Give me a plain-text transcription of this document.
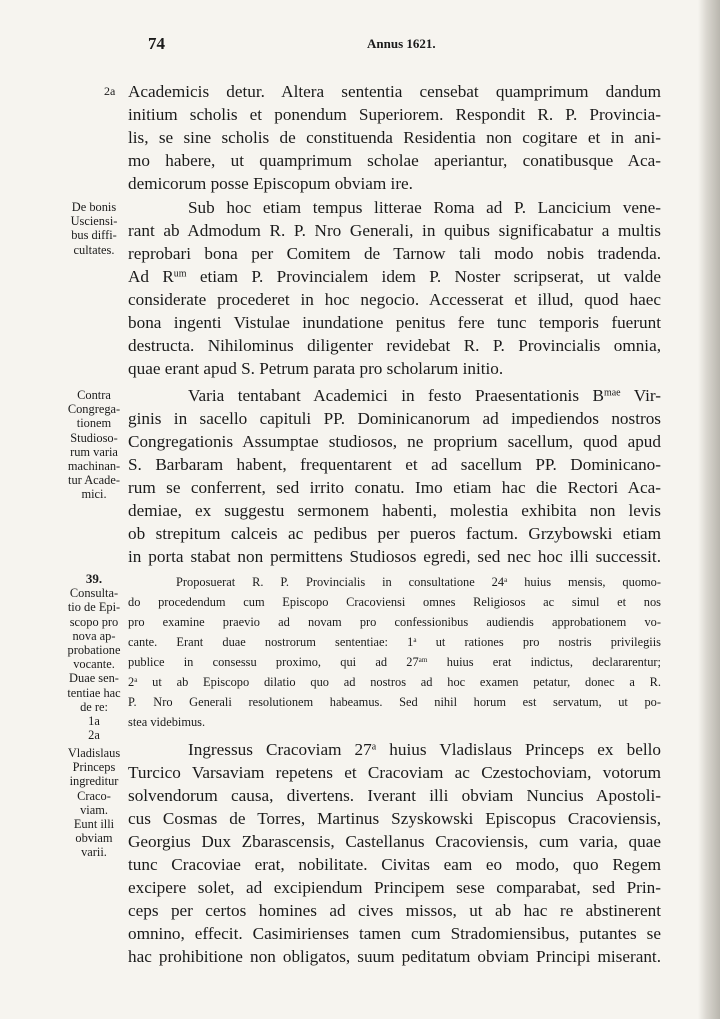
74	Annus 1621.
2a
De bonis
Usciensi-
bus diffi-
cultates.
Contra
Congrega-
tionem
Studioso-
rum varia
machinan-
tur Acade-
mici.
39.
Consulta-
tio de Epi-
scopo pro
nova ap-
probatione
vocante.
Duae sen-
tentiae hac
de re:
1a
2a
Vladislaus
Princeps
ingreditur
Craco-
viam.
Eunt illi
obviam
varii.
Academicis detur. Altera sententia censebat quamprimum dandum
initium scholis et ponendum Superiorem. Respondit R. P. Provincia-
lis, se sine scholis de constituenda Residentia non cogitare et in ani-
mo habere, ut quamprimum scholae aperiantur, conatibusque Aca-
demicorum posse Episcopum obviam ire.
Sub hoc etiam tempus litterae Roma ad P. Lancicium vene-
rant ab Admodum R. P. Nro Generali, in quibus significabatur a multis
reprobari bona per Comitem de Tarnow tali modo nobis tradenda.
Ad $R^{um}$ etiam P. Provincialem idem P. Noster scripserat, ut valde
considerate procederet in hoc negocio. Accesserat et illud, quod haec
bona ingenti Vistulae inundatione penitus fere tunc temporis fuerunt
destructa. Nihilominus diligenter revidebat R. P. Provincialis omnia,
quae erant apud S. Petrum parata pro scholarum initio.
Varia tentabant Academici in festo Praesentationis $B^{mae}$ Vir-
ginis in sacello capituli PP. Dominicanorum ad impediendos nostros
Congregationis Assumptae studiosos, ne proprium sacellum, quod apud
S. Barbaram habent, frequentarent et ad sacellum PP. Dominicano-
rum se conferrent, sed irrito conatu. Imo etiam hac die Rectori Aca-
demiae, ex suggestu sermonem habenti, molestia exhibita non levis
ob strepitum calceis ac pedibus per pueros factum. Grzybowski etiam
in porta stabat non permittens Studiosos egredi, sed nec hoc illi successit.
Proposuerat R. P. Provincialis in consultatione 24$^a$ huius mensis, quomo-
do procedendum cum Episcopo Cracoviensi omnes Religiosos ac simul et nos
pro examine praevio ad novam pro confessionibus audiendis approbationem vo-
cante. Erant duae nostrorum sententiae: 1$^a$ ut rationes pro nostris privilegiis
publice in consessu proximo, qui ad $27^{am}$ huius erat indictus, declararentur;
2$^a$ ut ab Episcopo dilatio quo ad nostros ad hoc examen petatur, donec a R.
P. Nro Generali resolutionem habeamus. Sed nihil horum est servatum, ut po-
stea videbimus.
Ingressus Cracoviam 27$^a$ huius Vladislaus Princeps ex bello
Turcico Varsaviam repetens et Cracoviam ac Czestochoviam, votorum
solvendorum causa, divertens. Iverant illi obviam Nuncius Apostoli-
cus Cosmas de Torres, Martinus Szyskowski Episcopus Cracoviensis,
Georgius Dux Zbarascensis, Castellanus Cracoviensis, cum varia, quae
tunc Cracoviae erat, nobilitate. Civitas eam eo modo, quo Regem
excipere solet, ad excipiendum Principem sese comparabat, sed Prin-
ceps per certos homines ad cives missos, ut ab hac re abstinerent
omnino, effecit. Casimirienses tamen cum Stradomiensibus, putantes se
hac prohibitione non obligatos, suum peditatum obviam Principi miserant.
